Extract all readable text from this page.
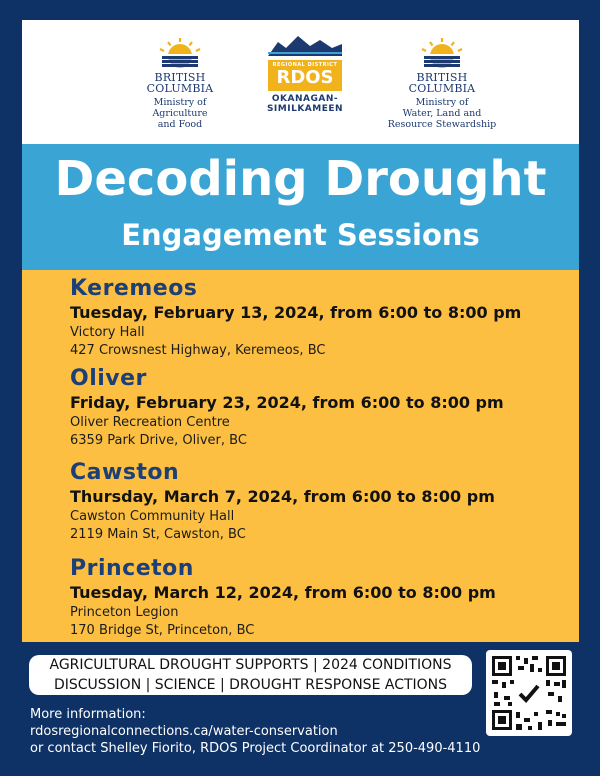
BRITISH
COLUMBIA
Ministry of
Agriculture
and Food
REGIONAL DISTRICT
RDOS
OKANAGAN-
SIMILKAMEEN
BRITISH
COLUMBIA
Ministry of
Water, Land and
Resource Stewardship
Decoding Drought
Engagement Sessions
Keremeos
Tuesday, February 13, 2024, from 6:00 to 8:00 pm
Victory Hall
427 Crowsnest Highway, Keremeos, BC
Oliver
Friday, February 23, 2024, from 6:00 to 8:00 pm
Oliver Recreation Centre
6359 Park Drive, Oliver, BC
Cawston
Thursday, March 7, 2024, from 6:00 to 8:00 pm
Cawston Community Hall
2119 Main St, Cawston, BC
Princeton
Tuesday, March 12, 2024, from 6:00 to 8:00 pm
Princeton Legion
170 Bridge St, Princeton, BC
AGRICULTURAL DROUGHT SUPPORTS | 2024 CONDITIONS
DISCUSSION | SCIENCE | DROUGHT RESPONSE ACTIONS
More information:
rdosregionalconnections.ca/water-conservation
or contact Shelley Fiorito, RDOS Project Coordinator at 250-490-4110
